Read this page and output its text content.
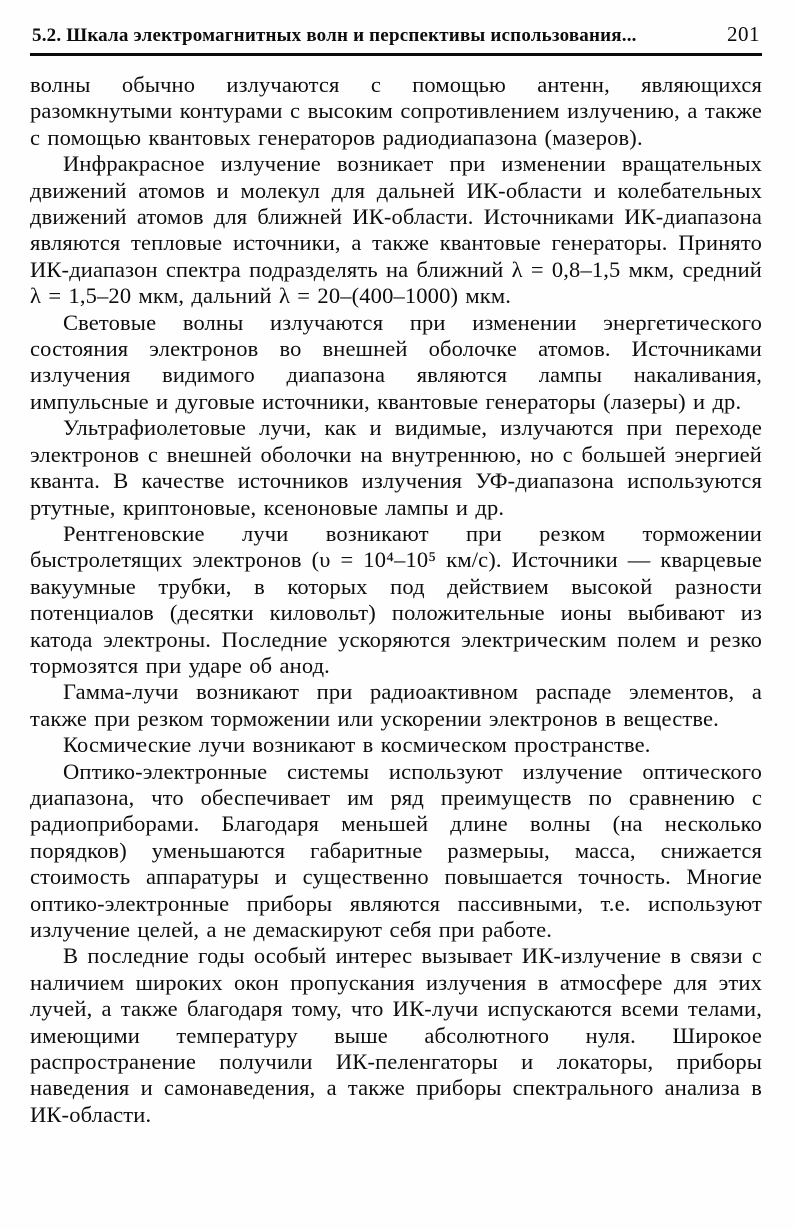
5.2. Шкала электромагнитных волн и перспективы использования...	201

волны обычно излучаются с помощью антенн, являющихся разомкнутыми контурами с высоким сопротивлением излучению, а также с помощью квантовых генераторов радиодиапазона (мазеров).

Инфракрасное излучение возникает при изменении вращательных движений атомов и молекул для дальней ИК-области и колебательных движений атомов для ближней ИК-области. Источниками ИК-диапазона являются тепловые источники, а также квантовые генераторы. Принято ИК-диапазон спектра подразделять на ближний λ = 0,8–1,5 мкм, средний λ = 1,5–20 мкм, дальний λ = 20–(400–1000) мкм.

Световые волны излучаются при изменении энергетического состояния электронов во внешней оболочке атомов. Источниками излучения видимого диапазона являются лампы накаливания, импульсные и дуговые источники, квантовые генераторы (лазеры) и др.

Ультрафиолетовые лучи, как и видимые, излучаются при переходе электронов с внешней оболочки на внутреннюю, но с большей энергией кванта. В качестве источников излучения УФ-диапазона используются ртутные, криптоновые, ксеноновые лампы и др.

Рентгеновские лучи возникают при резком торможении быстролетящих электронов (υ = 10⁴–10⁵ км/с). Источники — кварцевые вакуумные трубки, в которых под действием высокой разности потенциалов (десятки киловольт) положительные ионы выбивают из катода электроны. Последние ускоряются электрическим полем и резко тормозятся при ударе об анод.

Гамма-лучи возникают при радиоактивном распаде элементов, а также при резком торможении или ускорении электронов в веществе.

Космические лучи возникают в космическом пространстве.

Оптико-электронные системы используют излучение оптического диапазона, что обеспечивает им ряд преимуществ по сравнению с радиоприборами. Благодаря меньшей длине волны (на несколько порядков) уменьшаются габаритные размерыы, масса, снижается стоимость аппаратуры и существенно повышается точность. Многие оптико-электронные приборы являются пассивными, т.е. используют излучение целей, а не демаскируют себя при работе.

В последние годы особый интерес вызывает ИК-излучение в связи с наличием широких окон пропускания излучения в атмосфере для этих лучей, а также благодаря тому, что ИК-лучи испускаются всеми телами, имеющими температуру выше абсолютного нуля. Широкое распространение получили ИК-пеленгаторы и локаторы, приборы наведения и самонаведения, а также приборы спектрального анализа в ИК-области.
